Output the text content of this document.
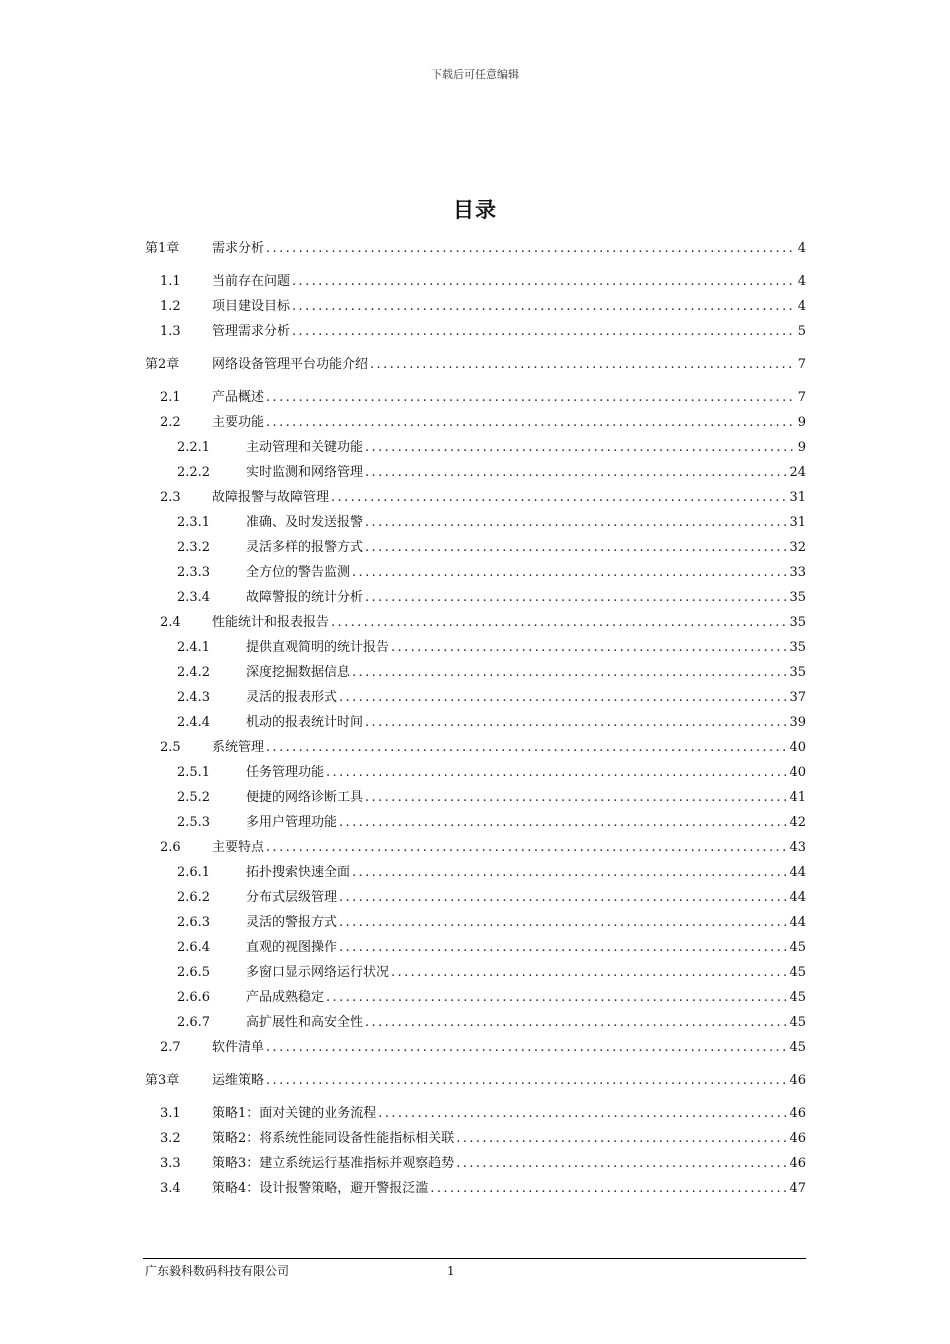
下载后可任意编辑
目录
第1章	需求分析 .....	4
1.1	当前存在问题 .....	4
1.2	项目建设目标 .....	4
1.3	管理需求分析 .....	5
第2章	网络设备管理平台功能介绍 .....	7
2.1	产品概述 .....	7
2.2	主要功能 .....	9
2.2.1	主动管理和关键功能 .....	9
2.2.2	实时监测和网络管理 .....	24
2.3	故障报警与故障管理 .....	31
2.3.1	准确、及时发送报警 .....	31
2.3.2	灵活多样的报警方式 .....	32
2.3.3	全方位的警告监测 .....	33
2.3.4	故障警报的统计分析 .....	35
2.4	性能统计和报表报告 .....	35
2.4.1	提供直观简明的统计报告 .....	35
2.4.2	深度挖掘数据信息 .....	35
2.4.3	灵活的报表形式 .....	37
2.4.4	机动的报表统计时间 .....	39
2.5	系统管理 .....	40
2.5.1	任务管理功能 .....	40
2.5.2	便捷的网络诊断工具 .....	41
2.5.3	多用户管理功能 .....	42
2.6	主要特点 .....	43
2.6.1	拓扑搜索快速全面 .....	44
2.6.2	分布式层级管理 .....	44
2.6.3	灵活的警报方式 .....	44
2.6.4	直观的视图操作 .....	45
2.6.5	多窗口显示网络运行状况 .....	45
2.6.6	产品成熟稳定 .....	45
2.6.7	高扩展性和高安全性 .....	45
2.7	软件清单 .....	45
第3章	运维策略 .....	46
3.1	策略1：面对关键的业务流程 .....	46
3.2	策略2：将系统性能同设备性能指标相关联 .....	46
3.3	策略3：建立系统运行基准指标并观察趋势 .....	46
3.4	策略4：设计报警策略，避开警报泛滥 .....	47
广东毅科数码科技有限公司	1
